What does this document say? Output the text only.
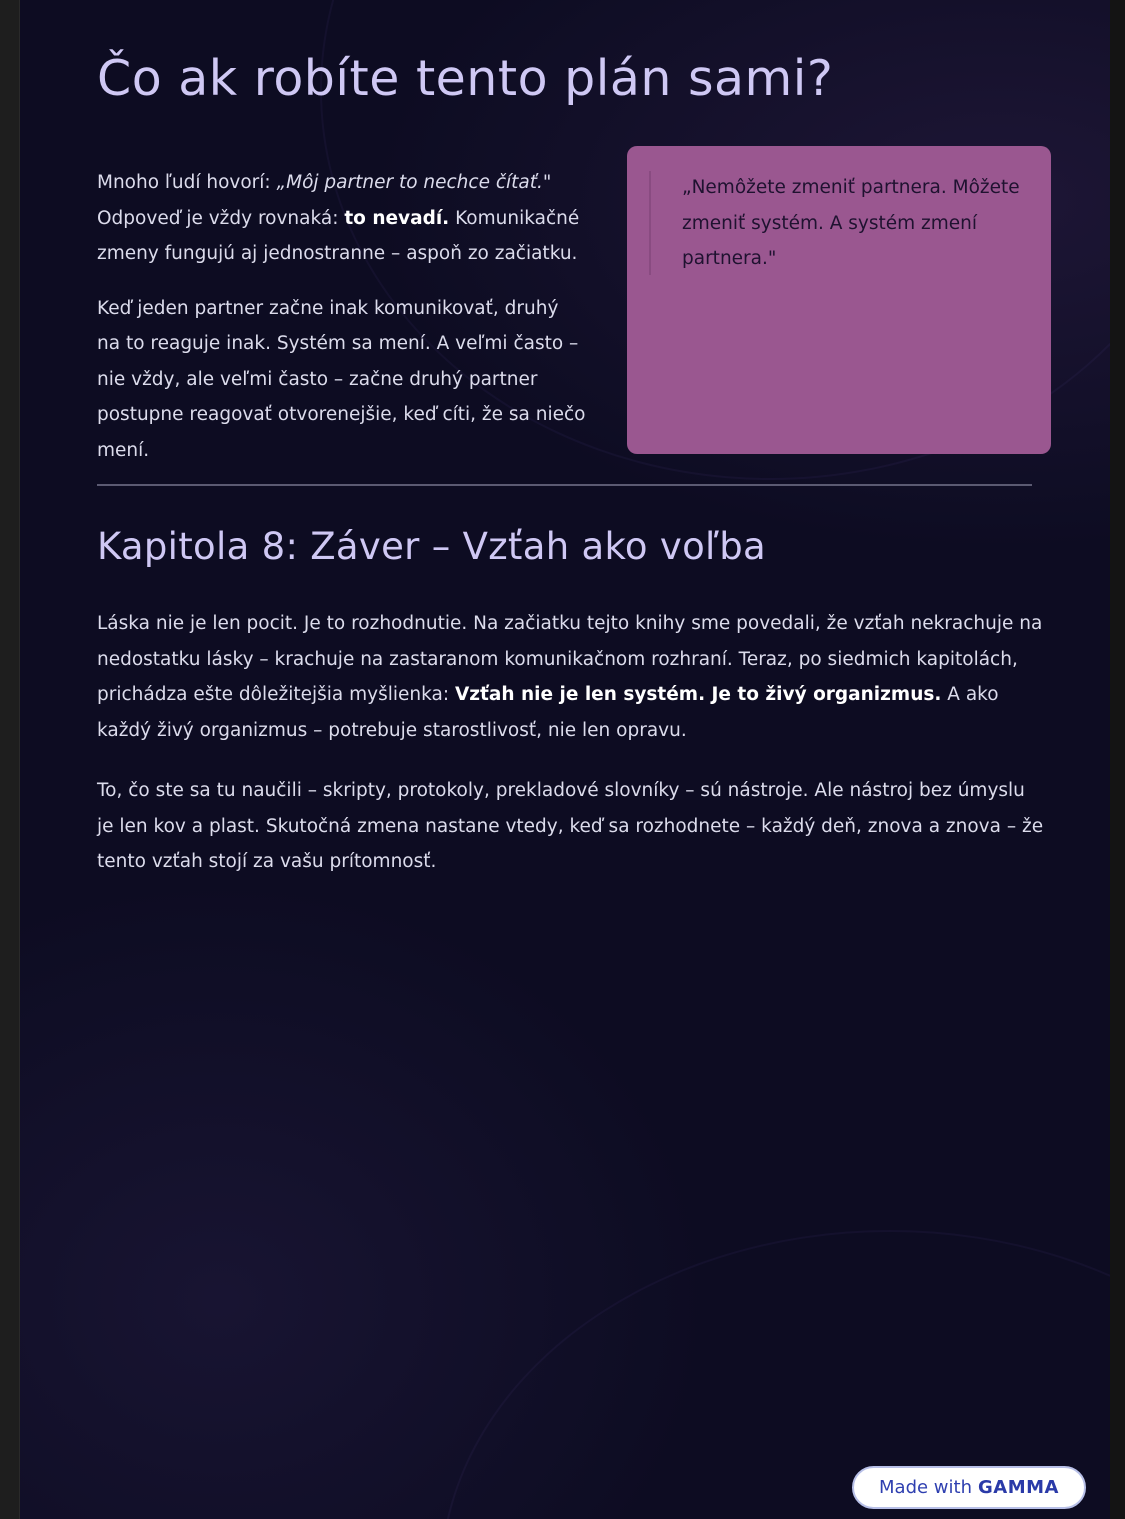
Čo ak robíte tento plán sami?

Mnoho ľudí hovorí: „Môj partner to nechce čítať." Odpoveď je vždy rovnaká: to nevadí. Komunikačné zmeny fungujú aj jednostranne – aspoň zo začiatku.

Keď jeden partner začne inak komunikovať, druhý na to reaguje inak. Systém sa mení. A veľmi často – nie vždy, ale veľmi často – začne druhý partner postupne reagovať otvorenejšie, keď cíti, že sa niečo mení.

„Nemôžete zmeniť partnera. Môžete zmeniť systém. A systém zmení partnera."
Kapitola 8: Záver – Vzťah ako voľba

Láska nie je len pocit. Je to rozhodnutie. Na začiatku tejto knihy sme povedali, že vzťah nekrachuje na nedostatku lásky – krachuje na zastaranom komunikačnom rozhraní. Teraz, po siedmich kapitolách, prichádza ešte dôležitejšia myšlienka: Vzťah nie je len systém. Je to živý organizmus. A ako každý živý organizmus – potrebuje starostlivosť, nie len opravu.

To, čo ste sa tu naučili – skripty, protokoly, prekladové slovníky – sú nástroje. Ale nástroj bez úmyslu je len kov a plast. Skutočná zmena nastane vtedy, keď sa rozhodnete – každý deň, znova a znova – že tento vzťah stojí za vašu prítomnosť.

Made with GAMMA
